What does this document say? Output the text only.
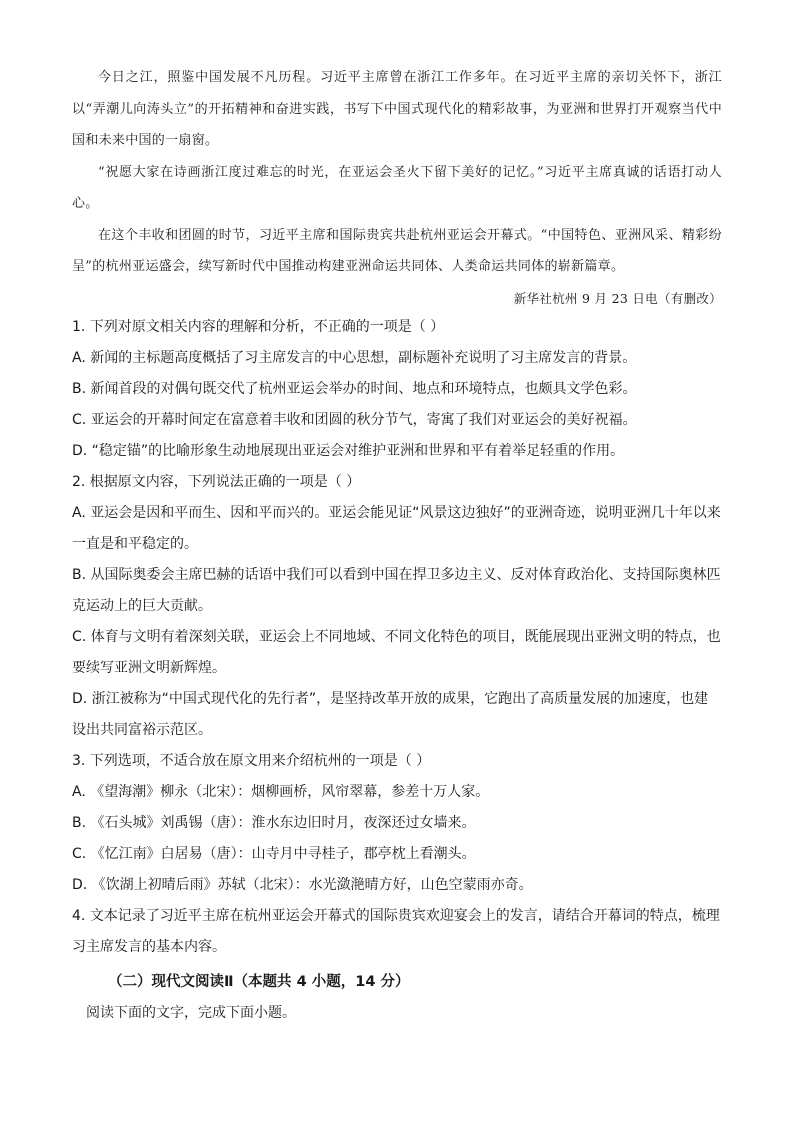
今日之江，照鉴中国发展不凡历程。习近平主席曾在浙江工作多年。在习近平主席的亲切关怀下，浙江以“弄潮儿向涛头立”的开拓精神和奋进实践，书写下中国式现代化的精彩故事，为亚洲和世界打开观察当代中国和未来中国的一扇窗。

“祝愿大家在诗画浙江度过难忘的时光，在亚运会圣火下留下美好的记忆。”习近平主席真诚的话语打动人心。

在这个丰收和团圆的时节，习近平主席和国际贵宾共赴杭州亚运会开幕式。“中国特色、亚洲风采、精彩纷呈”的杭州亚运盛会，续写新时代中国推动构建亚洲命运共同体、人类命运共同体的崭新篇章。

新华社杭州 9 月 23 日电（有删改）

1. 下列对原文相关内容的理解和分析，不正确的一项是（ ）

A. 新闻的主标题高度概括了习主席发言的中心思想，副标题补充说明了习主席发言的背景。

B. 新闻首段的对偶句既交代了杭州亚运会举办的时间、地点和环境特点，也颇具文学色彩。

C. 亚运会的开幕时间定在富意着丰收和团圆的秋分节气，寄寓了我们对亚运会的美好祝福。

D. “稳定锚”的比喻形象生动地展现出亚运会对维护亚洲和世界和平有着举足轻重的作用。

2. 根据原文内容，下列说法正确的一项是（ ）

A. 亚运会是因和平而生、因和平而兴的。亚运会能见证“风景这边独好”的亚洲奇迹，说明亚洲几十年以来一直是和平稳定的。

B. 从国际奥委会主席巴赫的话语中我们可以看到中国在捍卫多边主义、反对体育政治化、支持国际奥林匹克运动上的巨大贡献。

C. 体育与文明有着深刻关联，亚运会上不同地域、不同文化特色的项目，既能展现出亚洲文明的特点，也要续写亚洲文明新辉煌。

D. 浙江被称为“中国式现代化的先行者”，是坚持改革开放的成果，它跑出了高质量发展的加速度，也建设出共同富裕示范区。

3. 下列选项，不适合放在原文用来介绍杭州的一项是（ ）

A. 《望海潮》柳永（北宋）：烟柳画桥，风帘翠幕，参差十万人家。

B. 《石头城》刘禹锡（唐）：淮水东边旧时月，夜深还过女墙来。

C. 《忆江南》白居易（唐）：山寺月中寻桂子，郡亭枕上看潮头。

D. 《饮湖上初晴后雨》苏轼（北宋）：水光潋滟晴方好，山色空蒙雨亦奇。

4. 文本记录了习近平主席在杭州亚运会开幕式的国际贵宾欢迎宴会上的发言，请结合开幕词的特点，梳理习主席发言的基本内容。

（二）现代文阅读Ⅱ（本题共 4 小题，14 分）
阅读下面的文字，完成下面小题。
